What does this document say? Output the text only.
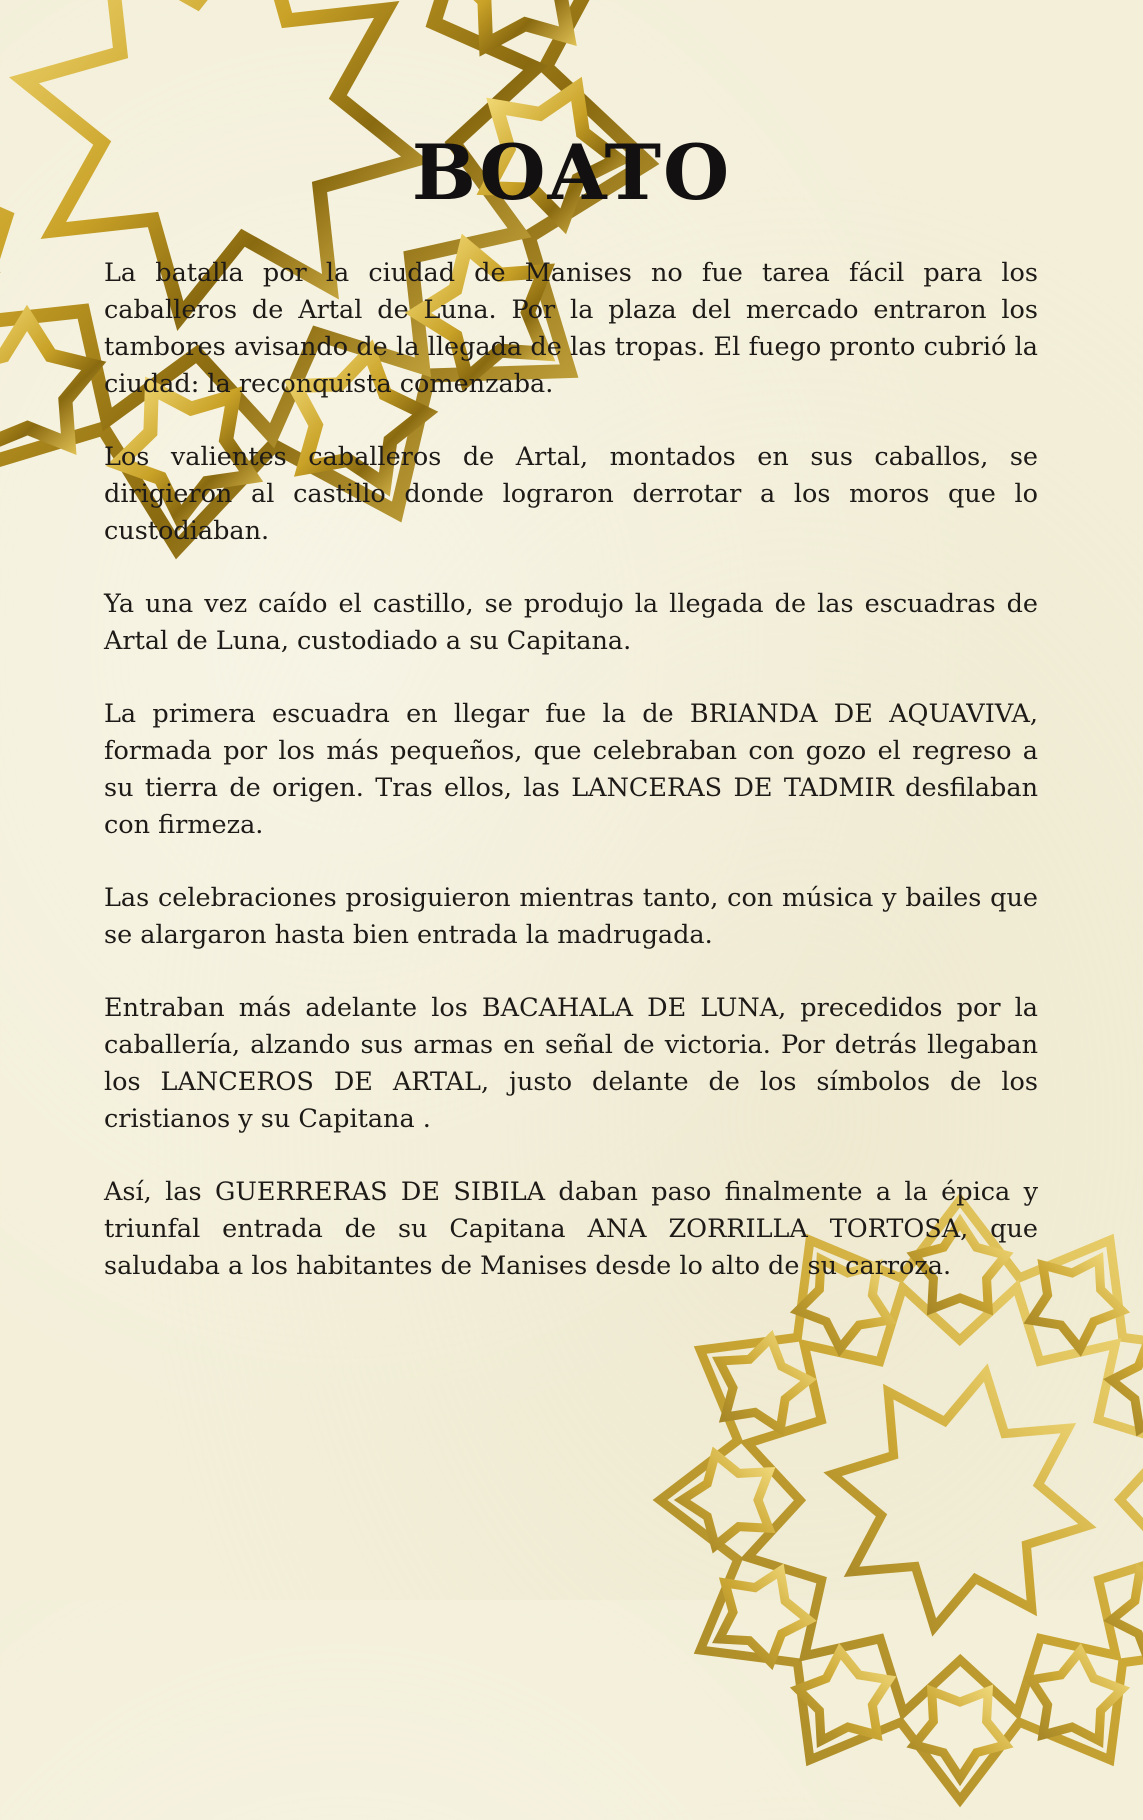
BOATO

La batalla por la ciudad de Manises no fue tarea fácil para los caballeros de Artal de Luna. Por la plaza del mercado entraron los tambores avisando de la llegada de las tropas. El fuego pronto cubrió la ciudad: la reconquista comenzaba.

Los valientes caballeros de Artal, montados en sus caballos, se dirigieron al castillo donde lograron derrotar a los moros que lo custodiaban.

Ya una vez caído el castillo, se produjo la llegada de las escuadras de Artal de Luna, custodiado a su Capitana.

La primera escuadra en llegar fue la de BRIANDA DE AQUAVIVA, formada por los más pequeños, que celebraban con gozo el regreso a su tierra de origen. Tras ellos, las LANCERAS DE TADMIR desfilaban con firmeza.

Las celebraciones prosiguieron mientras tanto, con música y bailes que se alargaron hasta bien entrada la madrugada.

Entraban más adelante los BACAHALA DE LUNA, precedidos por la caballería, alzando sus armas en señal de victoria. Por detrás llegaban los LANCEROS DE ARTAL, justo delante de los símbolos de los cristianos y su Capitana .

Así, las GUERRERAS DE SIBILA daban paso finalmente a la épica y triunfal entrada de su Capitana ANA ZORRILLA TORTOSA, que saludaba a los habitantes de Manises desde lo alto de su carroza.
